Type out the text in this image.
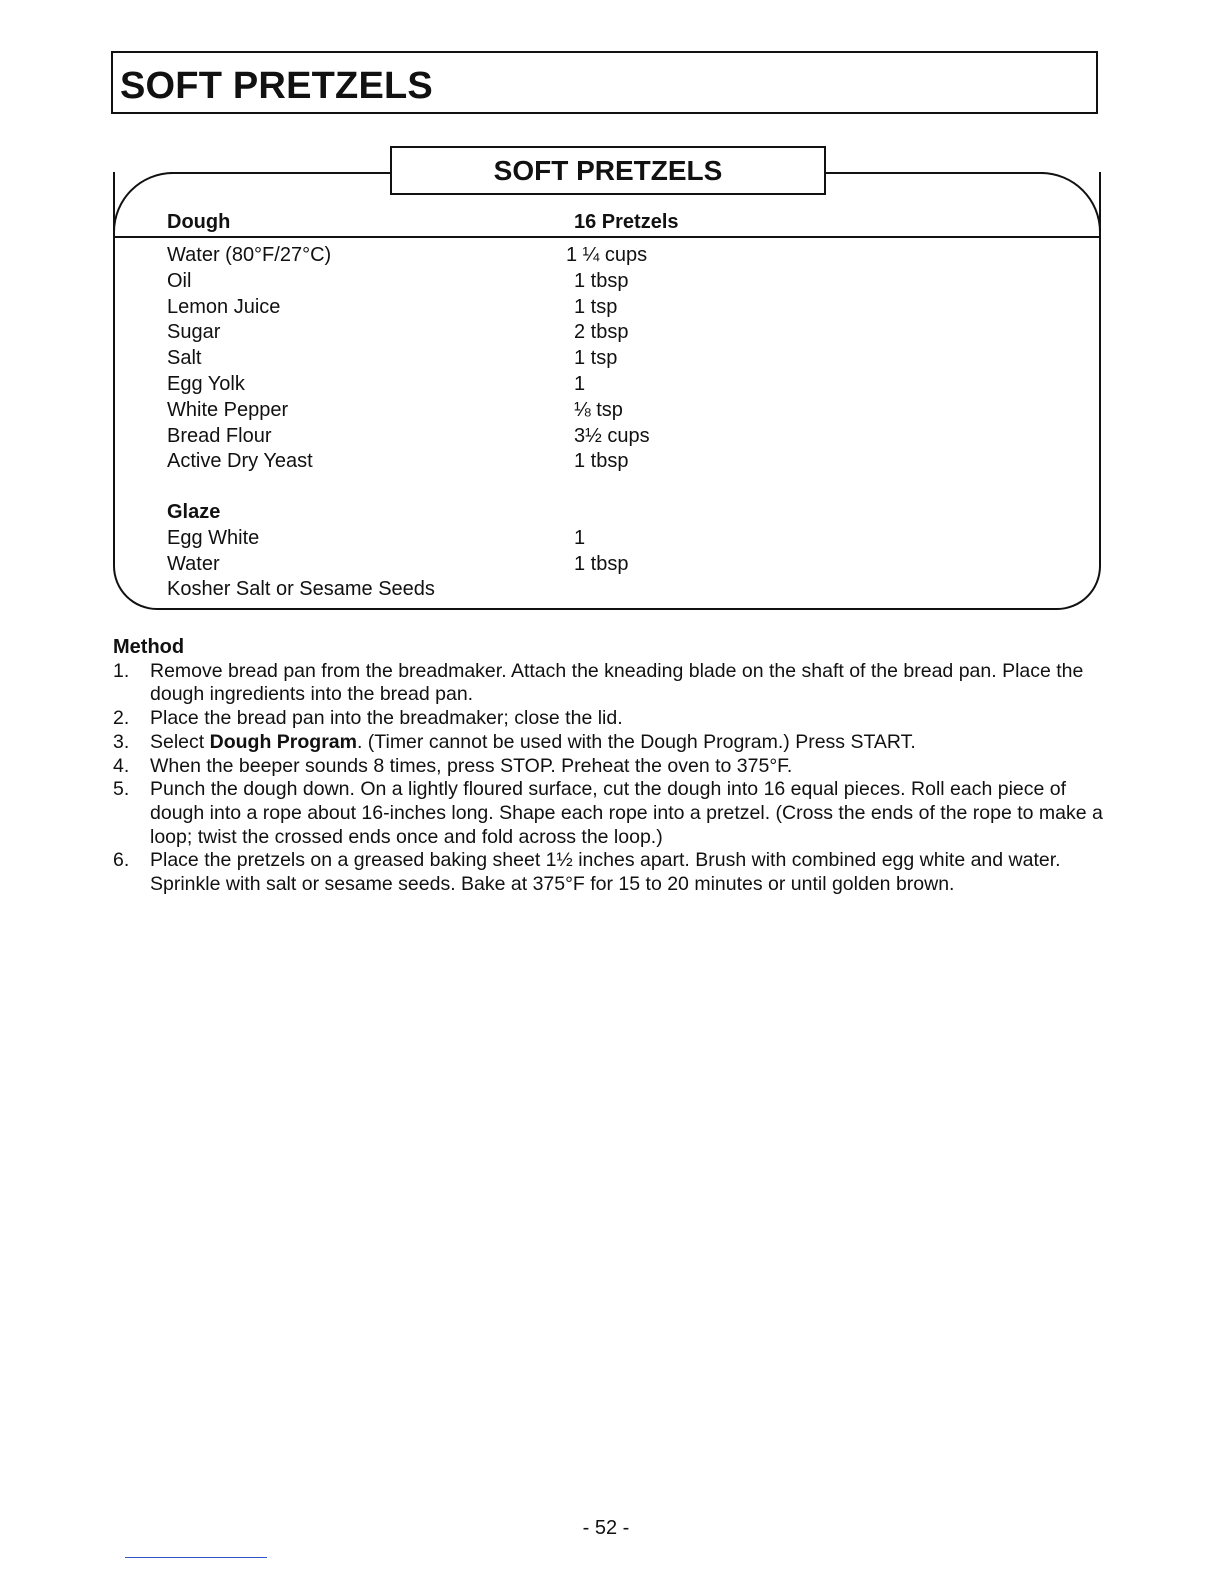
SOFT PRETZELS
SOFT PRETZELS
Dough	16 Pretzels
Water (80°F/27°C)	1 ¼ cups
Oil	1 tbsp
Lemon Juice	1 tsp
Sugar	2 tbsp
Salt	1 tsp
Egg Yolk	1
White Pepper	⅛ tsp
Bread Flour	3½ cups
Active Dry Yeast	1 tbsp
Glaze
Egg White	1
Water	1 tbsp
Kosher Salt or Sesame Seeds
Method
1. Remove bread pan from the breadmaker. Attach the kneading blade on the shaft of the bread pan. Place the dough ingredients into the bread pan.
2. Place the bread pan into the breadmaker; close the lid.
3. Select Dough Program. (Timer cannot be used with the Dough Program.) Press START.
4. When the beeper sounds 8 times, press STOP. Preheat the oven to 375°F.
5. Punch the dough down. On a lightly floured surface, cut the dough into 16 equal pieces. Roll each piece of dough into a rope about 16-inches long. Shape each rope into a pretzel. (Cross the ends of the rope to make a loop; twist the crossed ends once and fold across the loop.)
6. Place the pretzels on a greased baking sheet 1½ inches apart. Brush with combined egg white and water. Sprinkle with salt or sesame seeds. Bake at 375°F for 15 to 20 minutes or until golden brown.
- 52 -
